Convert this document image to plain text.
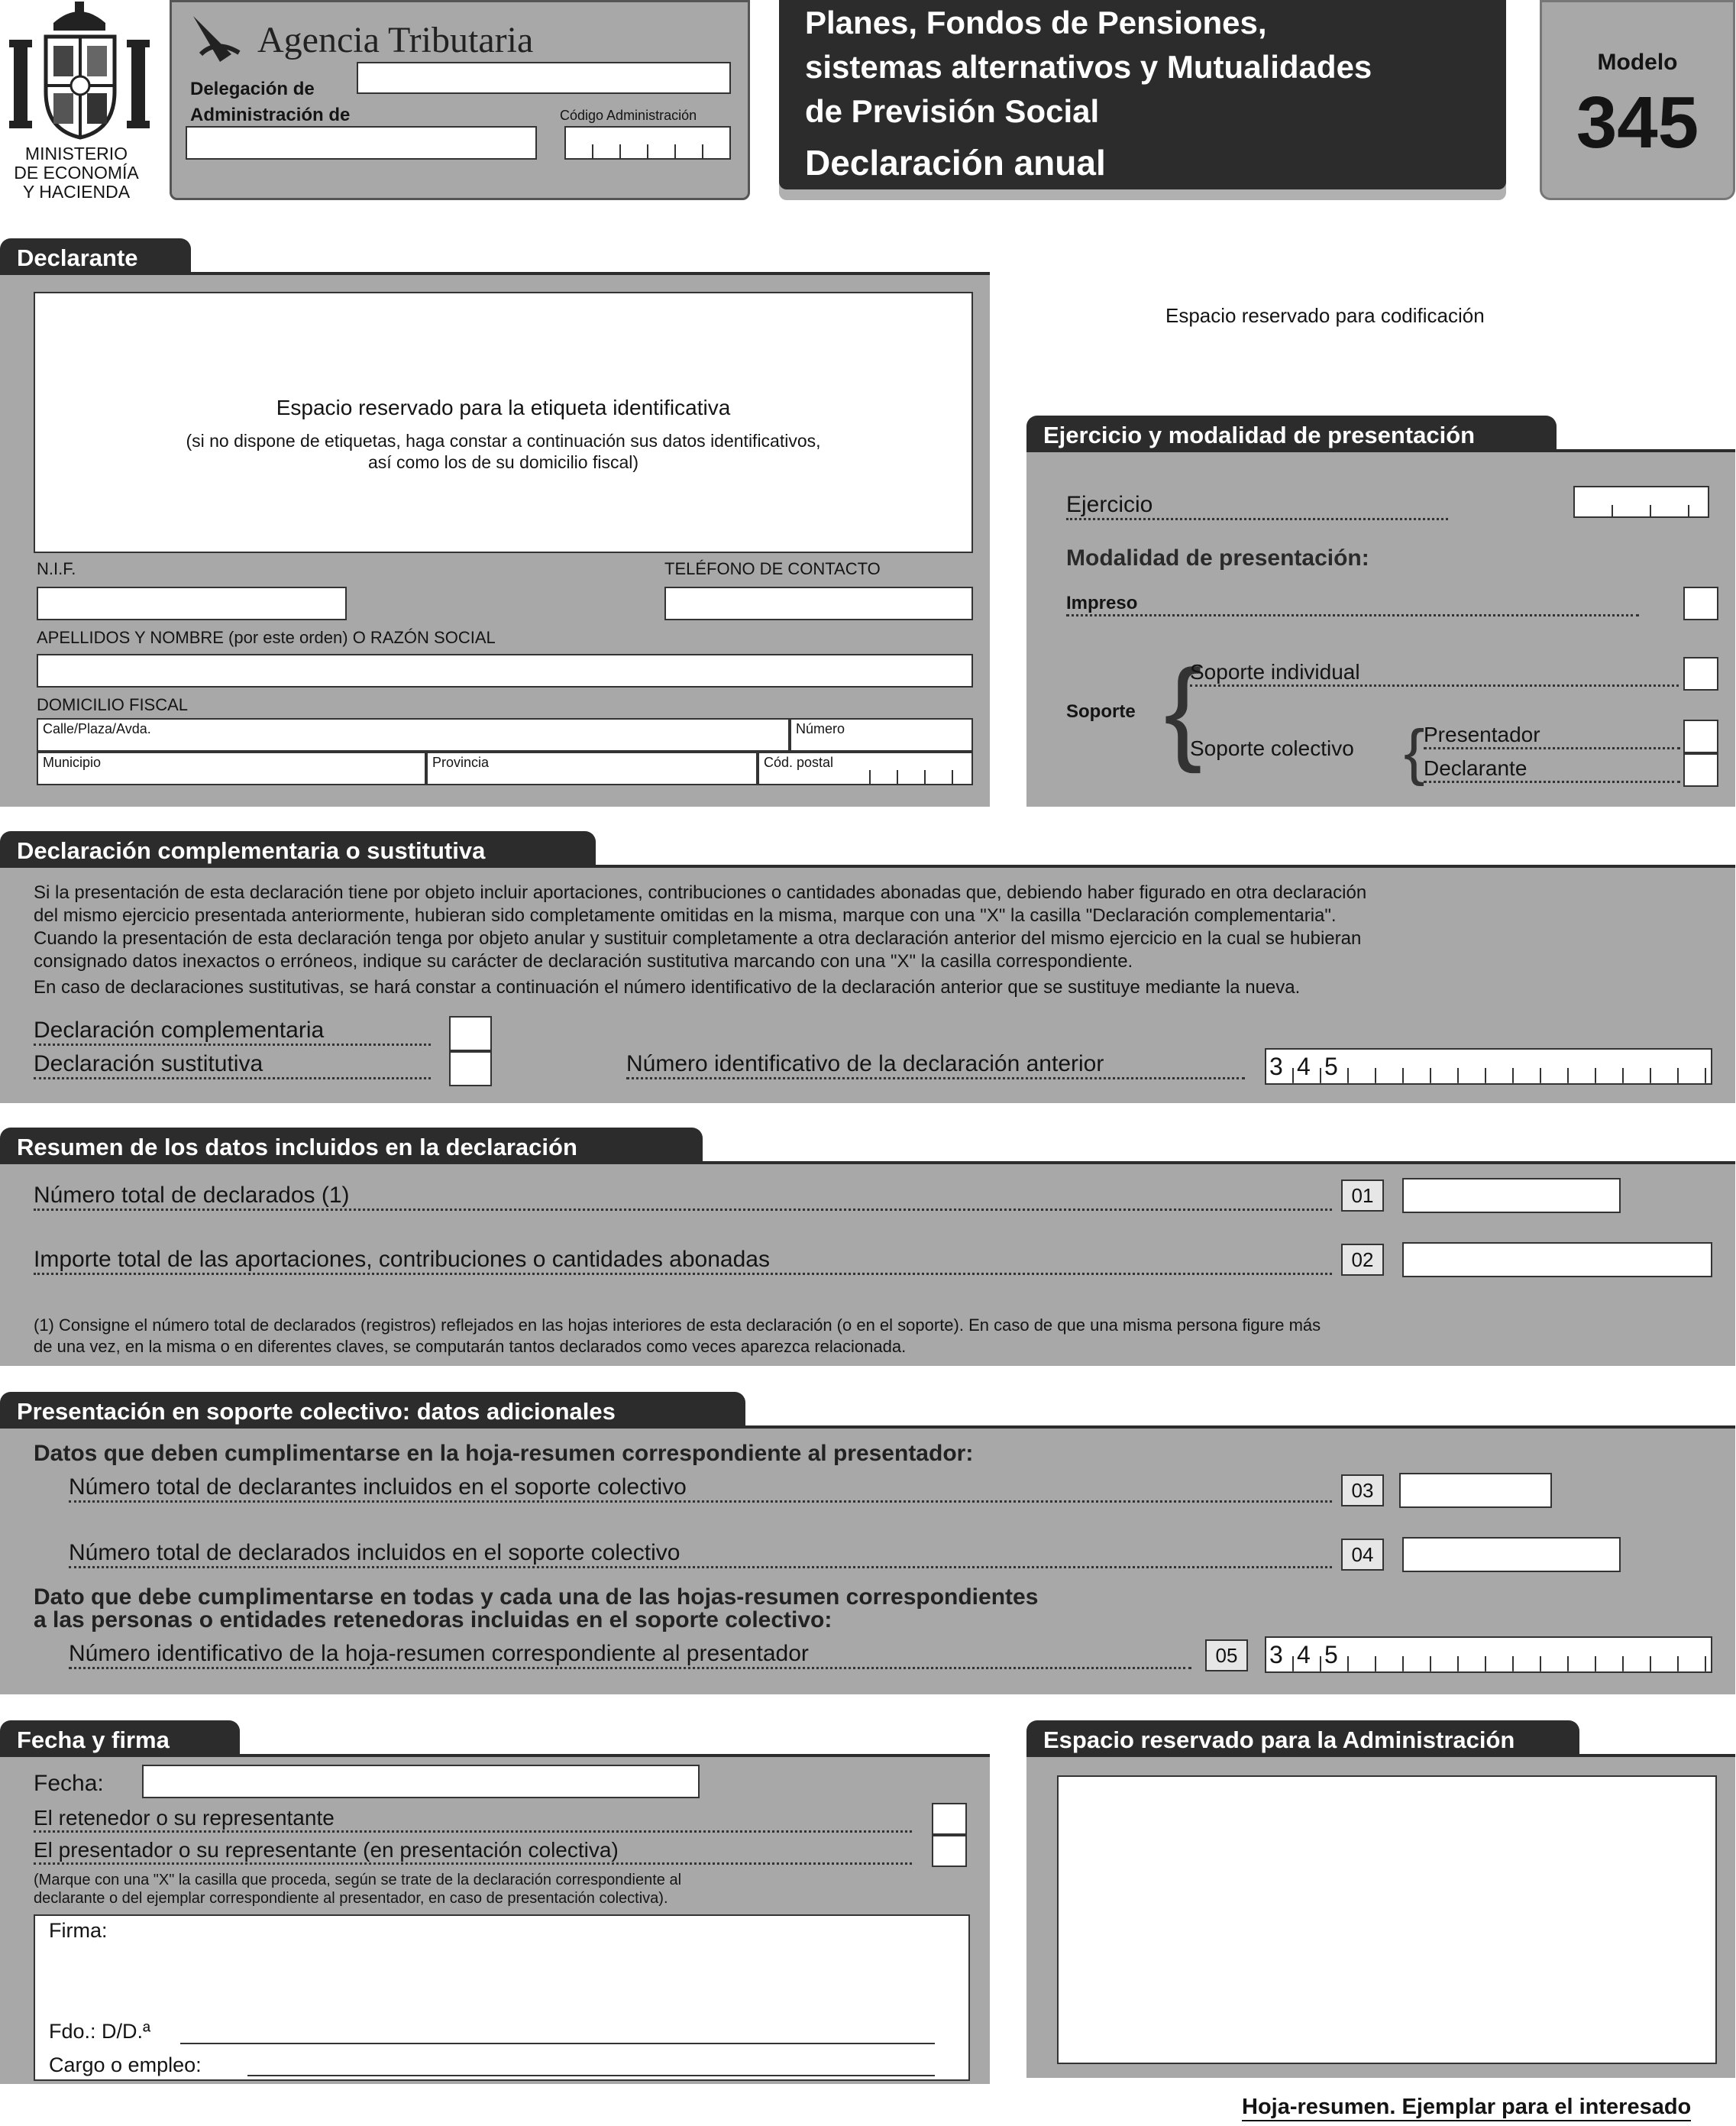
MINISTERIO
DE ECONOMÍA
Y HACIENDA
Agencia Tributaria
Delegación de
Administración de	Código Administración
Planes, Fondos de Pensiones,
sistemas alternativos y Mutualidades
de Previsión Social
Declaración anual
Modelo
345
Declarante
Espacio reservado para la etiqueta identificativa
(si no dispone de etiquetas, haga constar a continuación sus datos identificativos,
así como los de su domicilio fiscal)
N.I.F.	TELÉFONO DE CONTACTO
APELLIDOS Y NOMBRE (por este orden) O RAZÓN SOCIAL
DOMICILIO FISCAL
Calle/Plaza/Avda.	Número
Municipio	Provincia	Cód. postal
Espacio reservado para codificación
Ejercicio y modalidad de presentación
Ejercicio
Modalidad de presentación:
Impreso
Soporte {
Soporte individual
Soporte colectivo {
Presentador
Declarante
Declaración complementaria o sustitutiva
Si la presentación de esta declaración tiene por objeto incluir aportaciones, contribuciones o cantidades abonadas que, debiendo haber figurado en otra declaración
del mismo ejercicio presentada anteriormente, hubieran sido completamente omitidas en la misma, marque con una "X" la casilla "Declaración complementaria".
Cuando la presentación de esta declaración tenga por objeto anular y sustituir completamente a otra declaración anterior del mismo ejercicio en la cual se hubieran
consignado datos inexactos o erróneos, indique su carácter de declaración sustitutiva marcando con una "X" la casilla correspondiente.
En caso de declaraciones sustitutivas, se hará constar a continuación el número identificativo de la declaración anterior que se sustituye mediante la nueva.
Declaración complementaria
Declaración sustitutiva	Número identificativo de la declaración anterior	3 4 5
Resumen de los datos incluidos en la declaración
Número total de declarados (1)	01
Importe total de las aportaciones, contribuciones o cantidades abonadas	02
(1) Consigne el número total de declarados (registros) reflejados en las hojas interiores de esta declaración (o en el soporte). En caso de que una misma persona figure más
de una vez, en la misma o en diferentes claves, se computarán tantos declarados como veces aparezca relacionada.
Presentación en soporte colectivo: datos adicionales
Datos que deben cumplimentarse en la hoja-resumen correspondiente al presentador:
Número total de declarantes incluidos en el soporte colectivo	03
Número total de declarados incluidos en el soporte colectivo	04
Dato que debe cumplimentarse en todas y cada una de las hojas-resumen correspondientes
a las personas o entidades retenedoras incluidas en el soporte colectivo:
Número identificativo de la hoja-resumen correspondiente al presentador	05	3 4 5
Fecha y firma
Fecha:
El retenedor o su representante
El presentador o su representante (en presentación colectiva)
(Marque con una "X" la casilla que proceda, según se trate de la declaración correspondiente al
declarante o del ejemplar correspondiente al presentador, en caso de presentación colectiva).
Firma:
Fdo.: D/D.ª
Cargo o empleo:
Espacio reservado para la Administración
Hoja-resumen. Ejemplar para el interesado
